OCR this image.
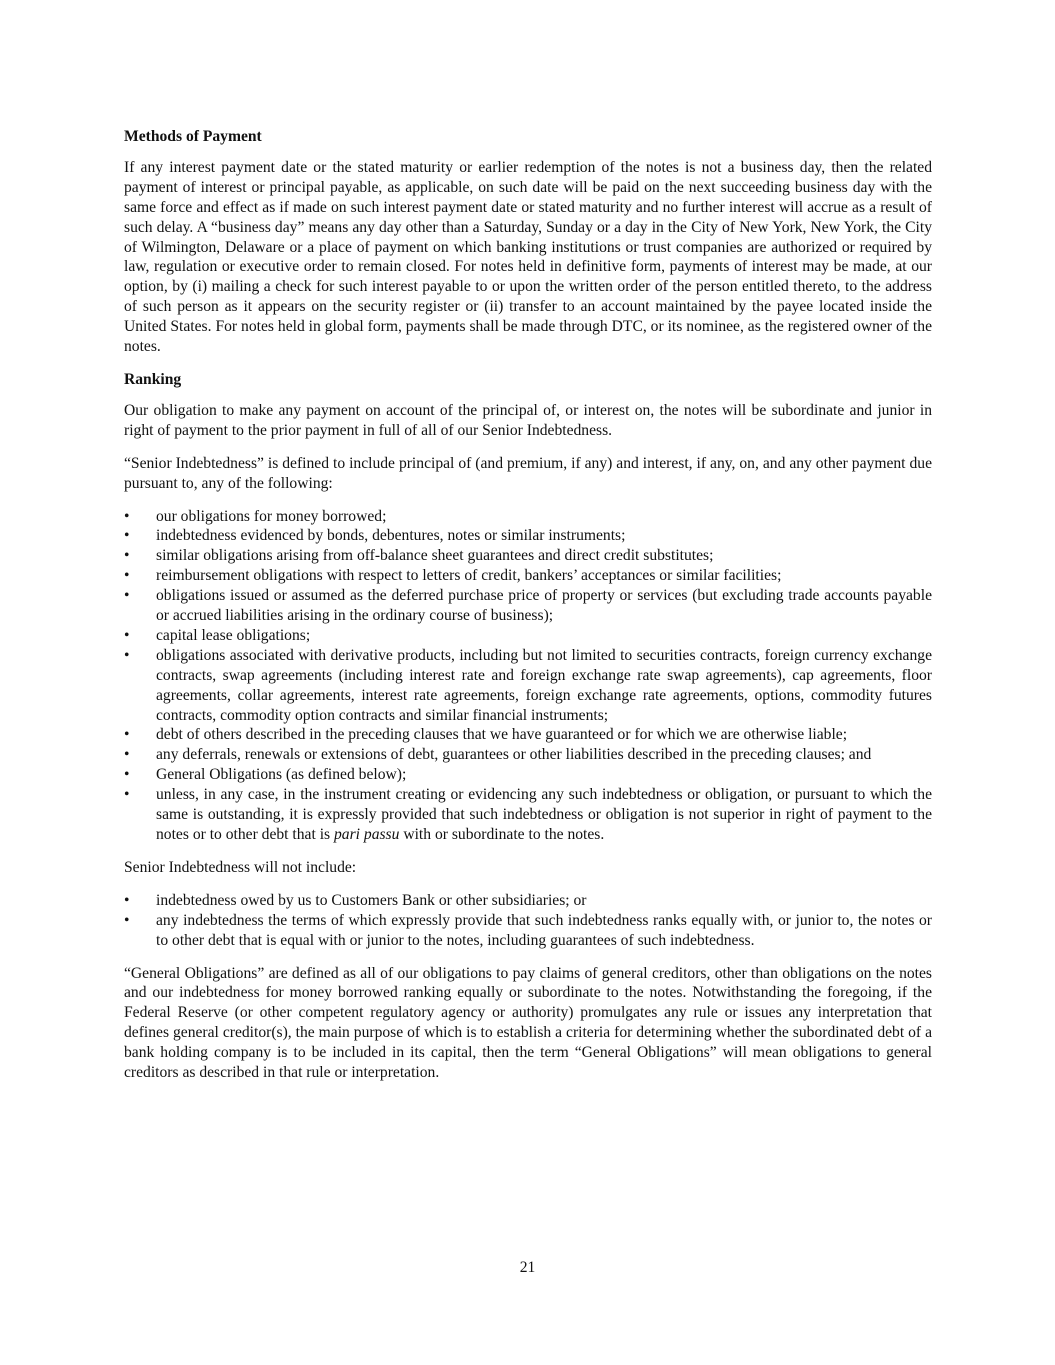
Methods of Payment

If any interest payment date or the stated maturity or earlier redemption of the notes is not a business day, then the related payment of interest or principal payable, as applicable, on such date will be paid on the next succeeding business day with the same force and effect as if made on such interest payment date or stated maturity and no further interest will accrue as a result of such delay. A “business day” means any day other than a Saturday, Sunday or a day in the City of New York, New York, the City of Wilmington, Delaware or a place of payment on which banking institutions or trust companies are authorized or required by law, regulation or executive order to remain closed. For notes held in definitive form, payments of interest may be made, at our option, by (i) mailing a check for such interest payable to or upon the written order of the person entitled thereto, to the address of such person as it appears on the security register or (ii) transfer to an account maintained by the payee located inside the United States. For notes held in global form, payments shall be made through DTC, or its nominee, as the registered owner of the notes.

Ranking

Our obligation to make any payment on account of the principal of, or interest on, the notes will be subordinate and junior in right of payment to the prior payment in full of all of our Senior Indebtedness.

“Senior Indebtedness” is defined to include principal of (and premium, if any) and interest, if any, on, and any other payment due pursuant to, any of the following:

• our obligations for money borrowed;
• indebtedness evidenced by bonds, debentures, notes or similar instruments;
• similar obligations arising from off-balance sheet guarantees and direct credit substitutes;
• reimbursement obligations with respect to letters of credit, bankers’ acceptances or similar facilities;
• obligations issued or assumed as the deferred purchase price of property or services (but excluding trade accounts payable or accrued liabilities arising in the ordinary course of business);
• capital lease obligations;
• obligations associated with derivative products, including but not limited to securities contracts, foreign currency exchange contracts, swap agreements (including interest rate and foreign exchange rate swap agreements), cap agreements, floor agreements, collar agreements, interest rate agreements, foreign exchange rate agreements, options, commodity futures contracts, commodity option contracts and similar financial instruments;
• debt of others described in the preceding clauses that we have guaranteed or for which we are otherwise liable;
• any deferrals, renewals or extensions of debt, guarantees or other liabilities described in the preceding clauses; and
• General Obligations (as defined below);
• unless, in any case, in the instrument creating or evidencing any such indebtedness or obligation, or pursuant to which the same is outstanding, it is expressly provided that such indebtedness or obligation is not superior in right of payment to the notes or to other debt that is pari passu with or subordinate to the notes.

Senior Indebtedness will not include:

• indebtedness owed by us to Customers Bank or other subsidiaries; or
• any indebtedness the terms of which expressly provide that such indebtedness ranks equally with, or junior to, the notes or to other debt that is equal with or junior to the notes, including guarantees of such indebtedness.

“General Obligations” are defined as all of our obligations to pay claims of general creditors, other than obligations on the notes and our indebtedness for money borrowed ranking equally or subordinate to the notes. Notwithstanding the foregoing, if the Federal Reserve (or other competent regulatory agency or authority) promulgates any rule or issues any interpretation that defines general creditor(s), the main purpose of which is to establish a criteria for determining whether the subordinated debt of a bank holding company is to be included in its capital, then the term “General Obligations” will mean obligations to general creditors as described in that rule or interpretation.

21
